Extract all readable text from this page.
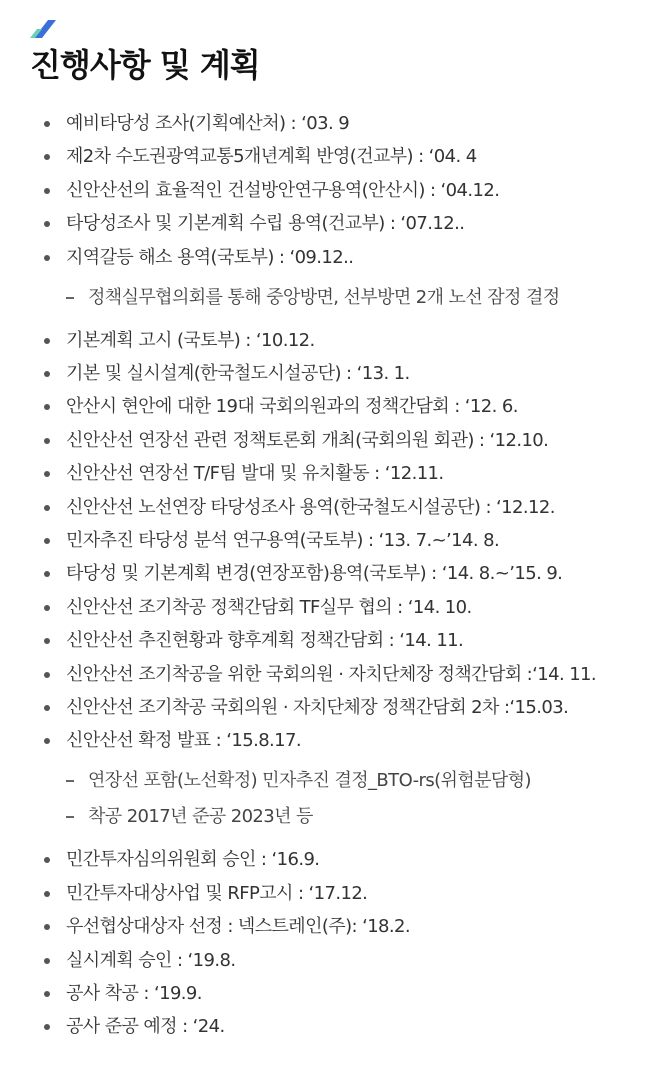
진행사항 및 계획
예비타당성 조사(기획예산처) : ‘03. 9
제2차 수도권광역교통5개년계획 반영(건교부) : ‘04. 4
신안산선의 효율적인 건설방안연구용역(안산시) : ‘04.12.
타당성조사 및 기본계획 수립 용역(건교부) : ‘07.12..
지역갈등 해소 용역(국토부) : ‘09.12..
정책실무협의회를 통해 중앙방면, 선부방면 2개 노선 잠정 결정
기본계획 고시 (국토부) : ‘10.12.
기본 및 실시설계(한국철도시설공단) : ‘13. 1.
안산시 현안에 대한 19대 국회의원과의 정책간담회 : ‘12. 6.
신안산선 연장선 관련 정책토론회 개최(국회의원 회관) : ‘12.10.
신안산선 연장선 T/F팀 발대 및 유치활동 : ‘12.11.
신안산선 노선연장 타당성조사 용역(한국철도시설공단) : ‘12.12.
민자추진 타당성 분석 연구용역(국토부) : ‘13. 7.~’14. 8.
타당성 및 기본계획 변경(연장포함)용역(국토부) : ‘14. 8.~’15. 9.
신안산선 조기착공 정책간담회 TF실무 협의 : ‘14. 10.
신안산선 추진현황과 향후계획 정책간담회 : ‘14. 11.
신안산선 조기착공을 위한 국회의원 · 자치단체장 정책간담회 :‘14. 11.
신안산선 조기착공 국회의원 · 자치단체장 정책간담회 2차 :‘15.03.
신안산선 확정 발표 : ‘15.8.17.
연장선 포함(노선확정) 민자추진 결정_BTO-rs(위험분담형)
착공 2017년 준공 2023년 등
민간투자심의위원회 승인 : ‘16.9.
민간투자대상사업 및 RFP고시 : ‘17.12.
우선협상대상자 선정 : 넥스트레인(주): ‘18.2.
실시계획 승인 : ‘19.8.
공사 착공 : ‘19.9.
공사 준공 예정 : ‘24.
